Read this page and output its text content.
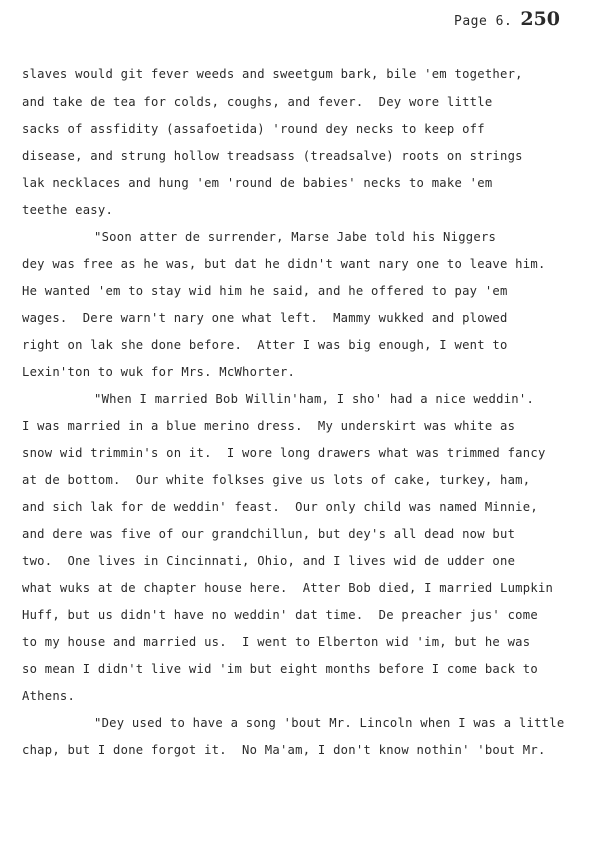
Page 6. 250
slaves would git fever weeds and sweetgum bark, bile 'em together,
and take de tea for colds, coughs, and fever.  Dey wore little
sacks of assfidity (assafoetida) 'round dey necks to keep off
disease, and strung hollow treadsass (treadsalve) roots on strings
lak necklaces and hung 'em 'round de babies' necks to make 'em
teethe easy.
"Soon atter de surrender, Marse Jabe told his Niggers
dey was free as he was, but dat he didn't want nary one to leave him.
He wanted 'em to stay wid him he said, and he offered to pay 'em
wages.  Dere warn't nary one what left.  Mammy wukked and plowed
right on lak she done before.  Atter I was big enough, I went to
Lexin'ton to wuk for Mrs. McWhorter.
"When I married Bob Willin'ham, I sho' had a nice weddin'.
I was married in a blue merino dress.  My underskirt was white as
snow wid trimmin's on it.  I wore long drawers what was trimmed fancy
at de bottom.  Our white folkses give us lots of cake, turkey, ham,
and sich lak for de weddin' feast.  Our only child was named Minnie,
and dere was five of our grandchillun, but dey's all dead now but
two.  One lives in Cincinnati, Ohio, and I lives wid de udder one
what wuks at de chapter house here.  Atter Bob died, I married Lumpkin
Huff, but us didn't have no weddin' dat time.  De preacher jus' come
to my house and married us.  I went to Elberton wid 'im, but he was
so mean I didn't live wid 'im but eight months before I come back to
Athens.
"Dey used to have a song 'bout Mr. Lincoln when I was a little
chap, but I done forgot it.  No Ma'am, I don't know nothin' 'bout Mr.
